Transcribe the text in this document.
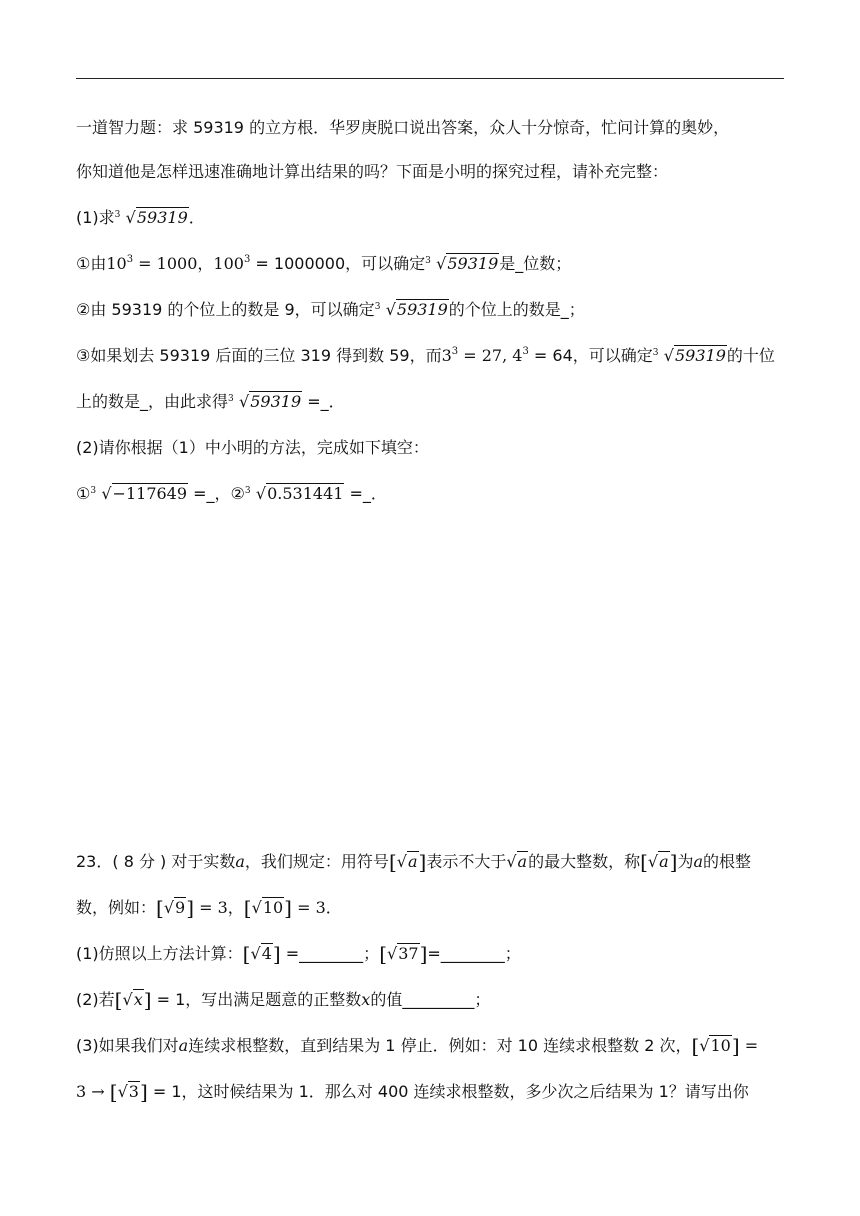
一道智力题：求 59319 的立方根．华罗庚脱口说出答案，众人十分惊奇，忙问计算的奥妙，
你知道他是怎样迅速准确地计算出结果的吗？下面是小明的探究过程，请补充完整：
(1)求 3 √59319．
①由$10^3 = 1000$，$100^3 = 1000000$，可以确定 3 √59319是_位数；
②由 59319 的个位上的数是 9，可以确定 3 √59319的个位上的数是_；
③如果划去 59319 后面的三位 319 得到数 59，而$3^3 = 27$, $4^3 = 64$，可以确定 3 √59319的十位
上的数是_，由此求得 3 √59319 =_．
(2)请你根据（1）中小明的方法，完成如下填空：
① 3 √−117649 =_，② 3 √0.531441 =_．
23．( 8 分 ) 对于实数a，我们规定：用符号[√a]表示不大于√a的最大整数，称[√a]为a的根整
数，例如：[√9] = 3，[√10] = 3．
(1)仿照以上方法计算：[√4] =________；[√37]=________；
(2)若[√x] = 1，写出满足题意的正整数x的值_________；
(3)如果我们对a连续求根整数，直到结果为 1 停止．例如：对 10 连续求根整数 2 次，[√10] =
3 → [√3] = 1，这时候结果为 1．那么对 400 连续求根整数，多少次之后结果为 1？请写出你
